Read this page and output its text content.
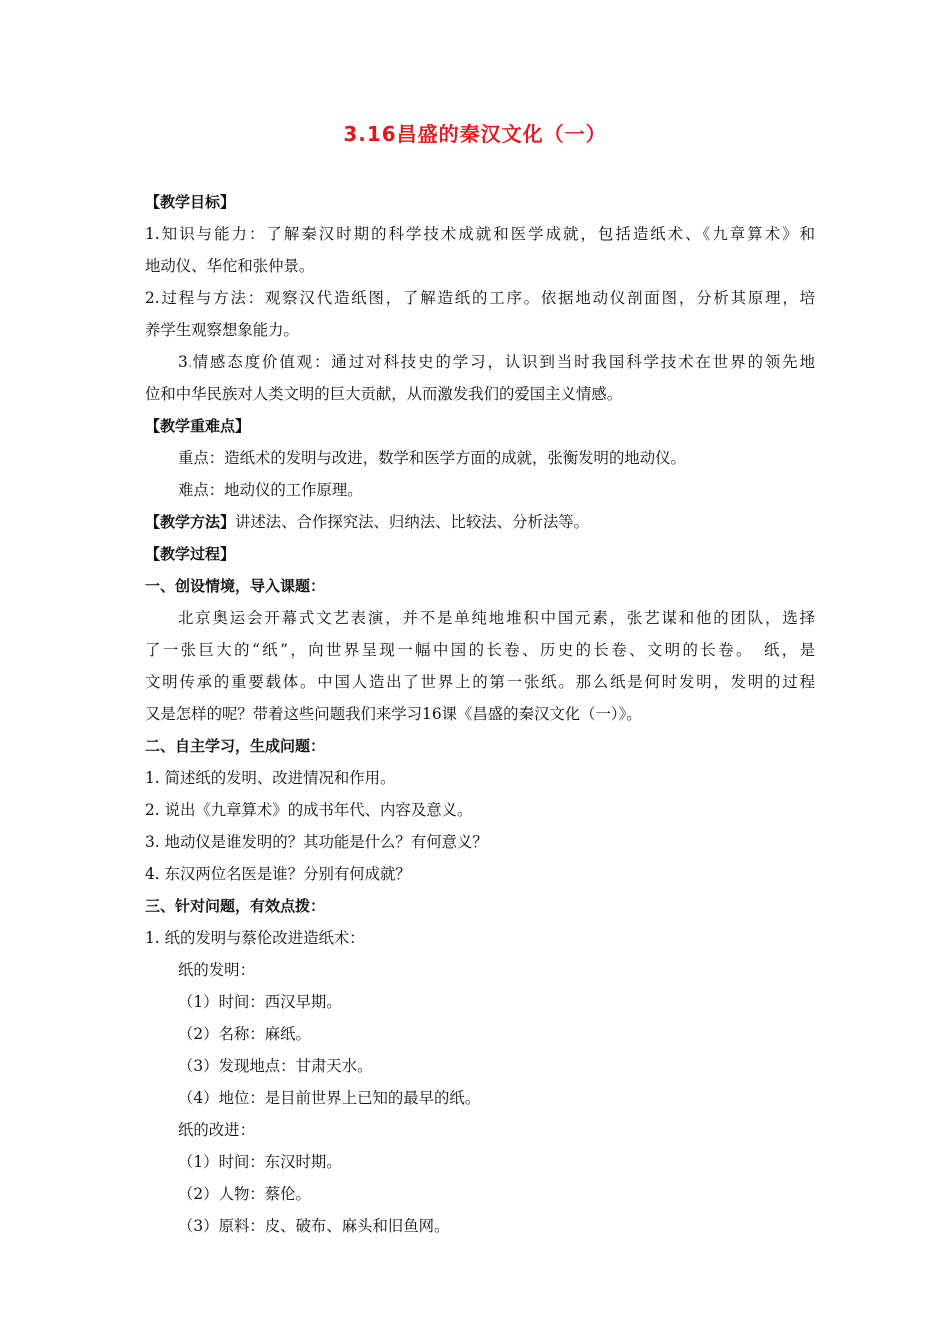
3.16昌盛的秦汉文化（一）
【教学目标】
1.知识与能力：了解秦汉时期的科学技术成就和医学成就，包括造纸术、《九章算术》和
地动仪、华佗和张仲景。
2.过程与方法：观察汉代造纸图，了解造纸的工序。依据地动仪剖面图，分析其原理，培
养学生观察想象能力。
3 . 情感态度价值观：通过对科技史的学习，认识到当时我国科学技术在世界的领先地
位和中华民族对人类文明的巨大贡献，从而激发我们的爱国主义情感。
【教学重难点】
重点：造纸术的发明与改进，数学和医学方面的成就，张衡发明的地动仪。
难点：地动仪的工作原理。
【教学方法】讲述法、合作探究法、归纳法、比较法、分析法等。
【教学过程】
一、创设情境，导入课题：
北京奥运会开幕式文艺表演，并不是单纯地堆积中国元素，张艺谋和他的团队，选择
了一张巨大的“纸”，向世界呈现一幅中国的长卷、历史的长卷、文明的长卷。　纸，是
文明传承的重要载体。中国人造出了世界上的第一张纸。那么纸是何时发明，发明的过程
又是怎样的呢？带着这些问题我们来学习16课《昌盛的秦汉文化（一）》。
二、自主学习，生成问题：
1. 简述纸的发明、改进情况和作用。
2. 说出《九章算术》的成书年代、内容及意义。
3. 地动仪是谁发明的？其功能是什么？有何意义？
4. 东汉两位名医是谁？分别有何成就？
三、针对问题，有效点拨：
1. 纸的发明与蔡伦改进造纸术：
纸的发明：
（1）时间：西汉早期。
（2）名称：麻纸。
（3）发现地点：甘肃天水。
（4）地位：是目前世界上已知的最早的纸。
纸的改进：
（1）时间：东汉时期。
（2）人物：蔡伦。
（3）原料：皮、破布、麻头和旧鱼网。
